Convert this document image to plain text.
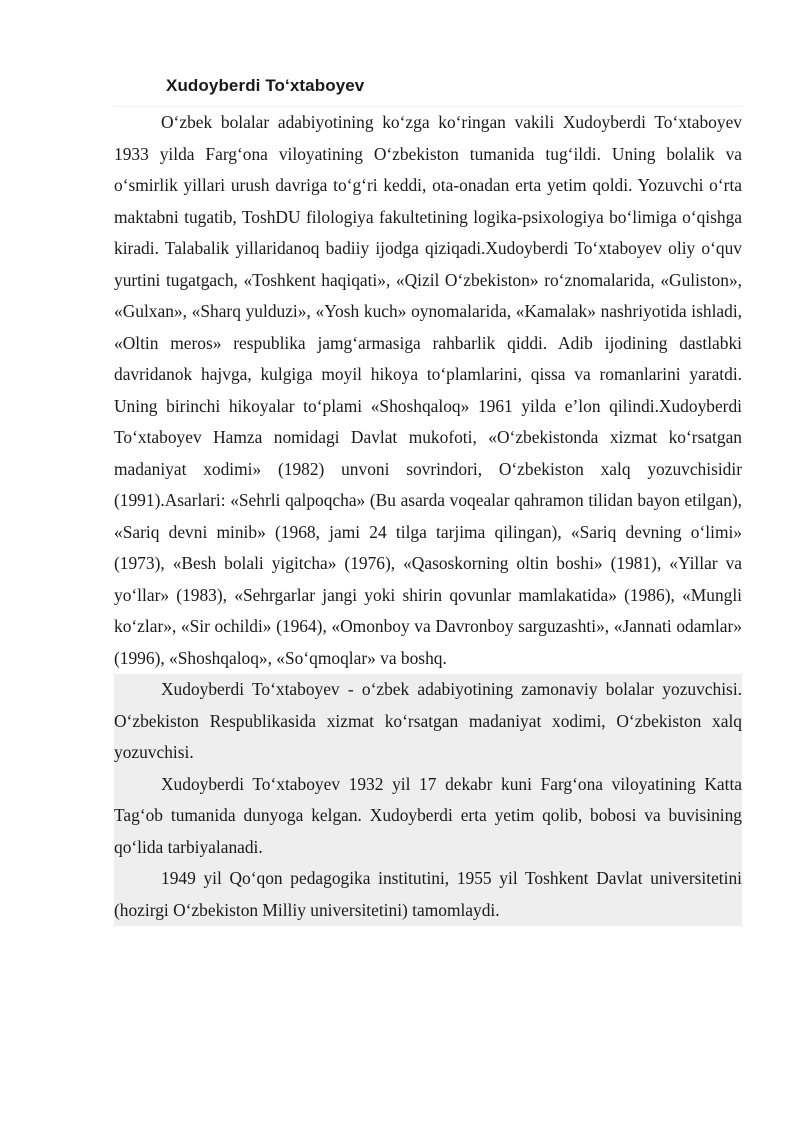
Xudoyberdi To‘xtaboyev

O‘zbek bolalar adabiyotining ko‘zga ko‘ringan vakili Xudoyberdi To‘xtaboyev 1933 yilda Farg‘ona viloyatining O‘zbekiston tumanida tug‘ildi. Uning bolalik va o‘smirlik yillari urush davriga to‘g‘ri keddi, ota-onadan erta yetim qoldi. Yozuvchi o‘rta maktabni tugatib, ToshDU filologiya fakultetining logika-psixologiya bo‘limiga o‘qishga kiradi. Talabalik yillaridanoq badiiy ijodga qiziqadi.Xudoyberdi To‘xtaboyev oliy o‘quv yurtini tugatgach, «Toshkent haqiqati», «Qizil O‘zbekiston» ro‘znomalarida, «Guliston», «Gulxan», «Sharq yulduzi», «Yosh kuch» oynomalarida, «Kamalak» nashriyotida ishladi, «Oltin meros» respublika jamg‘armasiga rahbarlik qiddi. Adib ijodining dastlabki davridanok hajvga, kulgiga moyil hikoya to‘plamlarini, qissa va romanlarini yaratdi. Uning birinchi hikoyalar to‘plami «Shoshqaloq» 1961 yilda e’lon qilindi.Xudoyberdi To‘xtaboyev Hamza nomidagi Davlat mukofoti, «O‘zbekistonda xizmat ko‘rsatgan madaniyat xodimi» (1982) unvoni sovrindori, O‘zbekiston xalq yozuvchisidir (1991).Asarlari: «Sehrli qalpoqcha» (Bu asarda voqealar qahramon tilidan bayon etilgan), «Sariq devni minib» (1968, jami 24 tilga tarjima qilingan), «Sariq devning o‘limi» (1973), «Besh bolali yigitcha» (1976), «Qasoskorning oltin boshi» (1981), «Yillar va yo‘llar» (1983), «Sehrgarlar jangi yoki shirin qovunlar mamlakatida» (1986), «Mungli ko‘zlar», «Sir ochildi» (1964), «Omonboy va Davronboy sarguzashti», «Jannati odamlar» (1996), «Shoshqaloq», «So‘qmoqlar» va boshq.

Xudoyberdi To‘xtaboyev - o‘zbek adabiyotining zamonaviy bolalar yozuvchisi. O‘zbekiston Respublikasida xizmat ko‘rsatgan madaniyat xodimi, O‘zbekiston xalq yozuvchisi.

Xudoyberdi To‘xtaboyev 1932 yil 17 dekabr kuni Farg‘ona viloyatining Katta Tag‘ob tumanida dunyoga kelgan. Xudoyberdi erta yetim qolib, bobosi va buvisining qo‘lida tarbiyalanadi.

1949 yil Qo‘qon pedagogika institutini, 1955 yil Toshkent Davlat universitetini (hozirgi O‘zbekiston Milliy universitetini) tamomlaydi.
